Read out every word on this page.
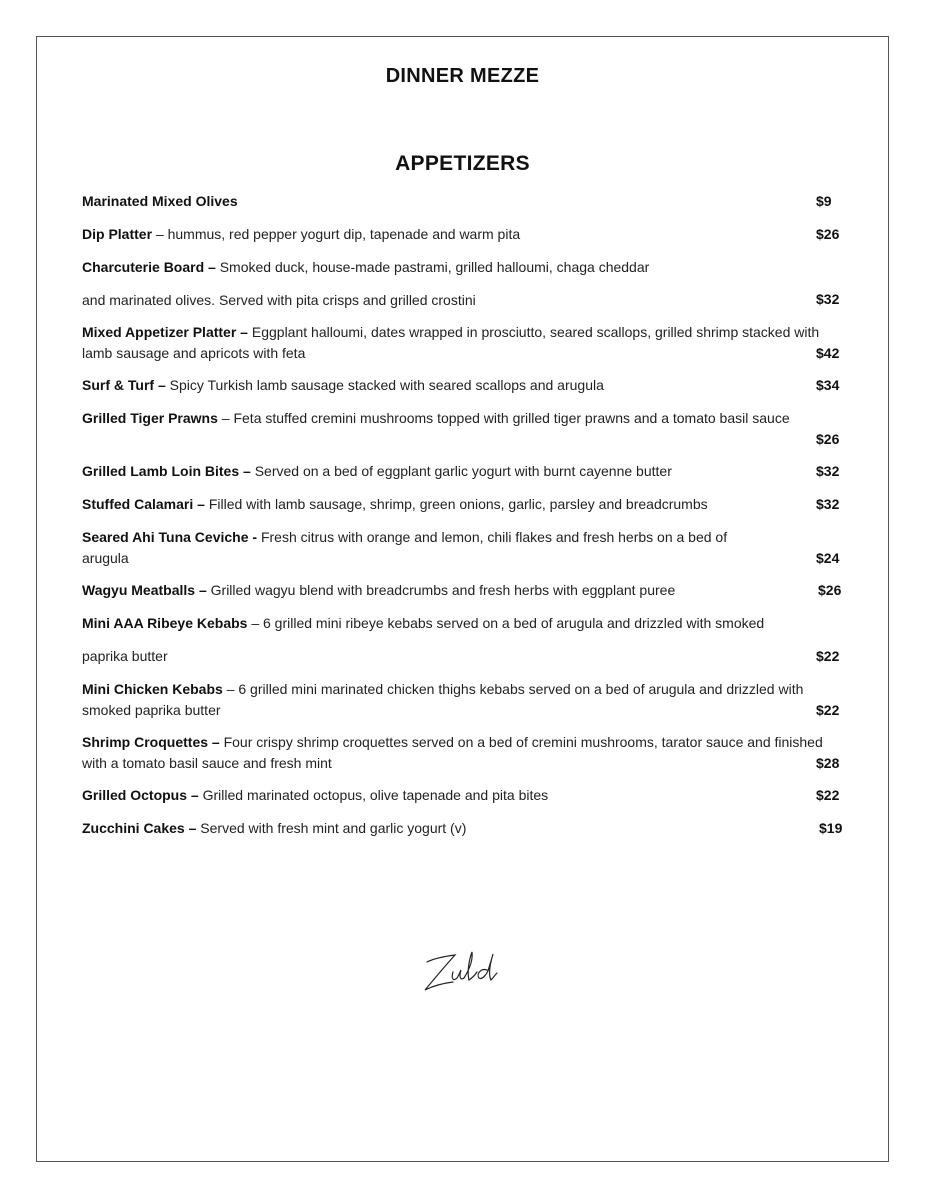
DINNER MEZZE
APPETIZERS
Marinated Mixed Olives	$9
Dip Platter – hummus, red pepper yogurt dip, tapenade and warm pita	$26
Charcuterie Board – Smoked duck, house-made pastrami, grilled halloumi, chaga cheddar
and marinated olives. Served with pita crisps and grilled crostini	$32
Mixed Appetizer Platter – Eggplant halloumi, dates wrapped in prosciutto, seared scallops, grilled shrimp stacked with lamb sausage and apricots with feta	$42
Surf & Turf – Spicy Turkish lamb sausage stacked with seared scallops and arugula	$34
Grilled Tiger Prawns – Feta stuffed cremini mushrooms topped with grilled tiger prawns and a tomato basil sauce
$26
Grilled Lamb Loin Bites – Served on a bed of eggplant garlic yogurt with burnt cayenne butter	$32
Stuffed Calamari – Filled with lamb sausage, shrimp, green onions, garlic, parsley and breadcrumbs	$32
Seared Ahi Tuna Ceviche - Fresh citrus with orange and lemon, chili flakes and fresh herbs on a bed of arugula	$24
Wagyu Meatballs – Grilled wagyu blend with breadcrumbs and fresh herbs with eggplant puree	$26
Mini AAA Ribeye Kebabs – 6 grilled mini ribeye kebabs served on a bed of arugula and drizzled with smoked
paprika butter	$22
Mini Chicken Kebabs – 6 grilled mini marinated chicken thighs kebabs served on a bed of arugula and drizzled with smoked paprika butter	$22
Shrimp Croquettes – Four crispy shrimp croquettes served on a bed of cremini mushrooms, tarator sauce and finished with a tomato basil sauce and fresh mint	$28
Grilled Octopus – Grilled marinated octopus, olive tapenade and pita bites	$22
Zucchini Cakes – Served with fresh mint and garlic yogurt (v)	$19
